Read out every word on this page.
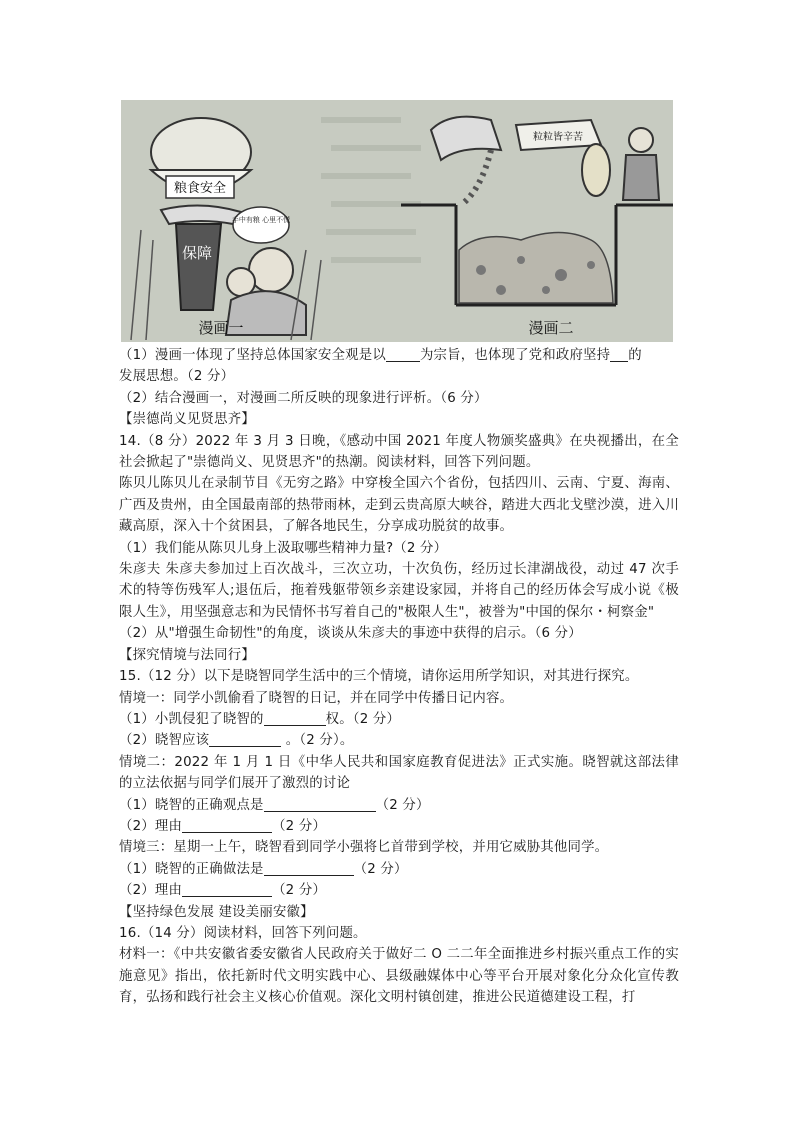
粮食安全
保障
手中有粮 心里不慌
漫画一
粒粒皆辛苦
漫画二

（1）漫画一体现了坚持总体国家安全观是以	为宗旨，也体现了党和政府坚持 的

发展思想。（2 分）

（2）结合漫画一，对漫画二所反映的现象进行评析。（6 分）

【崇德尚义见贤思齐】

14.（8 分）2022 年 3 月 3 日晚，《感动中国 2021 年度人物颁奖盛典》在央视播出，在全社会掀起了"崇德尚义、见贤思齐"的热潮。阅读材料，回答下列问题。

陈贝儿陈贝儿在录制节目《无穷之路》中穿梭全国六个省份，包括四川、云南、宁夏、海南、广西及贵州，由全国最南部的热带雨林，走到云贵高原大峡谷，踏进大西北戈壁沙漠，进入川藏高原，深入十个贫困县，了解各地民生，分享成功脱贫的故事。

（1）我们能从陈贝儿身上汲取哪些精神力量?（2 分）

朱彦夫 朱彦夫参加过上百次战斗，三次立功，十次负伤，经历过长津湖战役，动过 47 次手术的特等伤残军人;退伍后，拖着残躯带领乡亲建设家园，并将自己的经历体会写成小说《极限人生》，用坚强意志和为民情怀书写着自己的"极限人生"，被誉为"中国的保尔・柯察金"

（2）从"增强生命韧性"的角度，谈谈从朱彦夫的事迹中获得的启示。（6 分）

【探究情境与法同行】

15.（12 分）以下是晓智同学生活中的三个情境，请你运用所学知识，对其进行探究。

情境一：同学小凯偷看了晓智的日记，并在同学中传播日记内容。

（1）小凯侵犯了晓智的	权。（2 分）

（2）晓智应该	。（2 分）。

情境二：2022 年 1 月 1 日《中华人民共和国家庭教育促进法》正式实施。晓智就这部法律的立法依据与同学们展开了激烈的讨论

（1）晓智的正确观点是	（2 分）

（2）理由	（2 分）

情境三：星期一上午，晓智看到同学小强将匕首带到学校，并用它威胁其他同学。

（1）晓智的正确做法是	（2 分）

（2）理由	（2 分）

【坚持绿色发展 建设美丽安徽】

16.（14 分）阅读材料，回答下列问题。

材料一：《中共安徽省委安徽省人民政府关于做好二 O 二二年全面推进乡村振兴重点工作的实施意见》指出，依托新时代文明实践中心、县级融媒体中心等平台开展对象化分众化宣传教育，弘扬和践行社会主义核心价值观。深化文明村镇创建，推进公民道德建设工程，打
